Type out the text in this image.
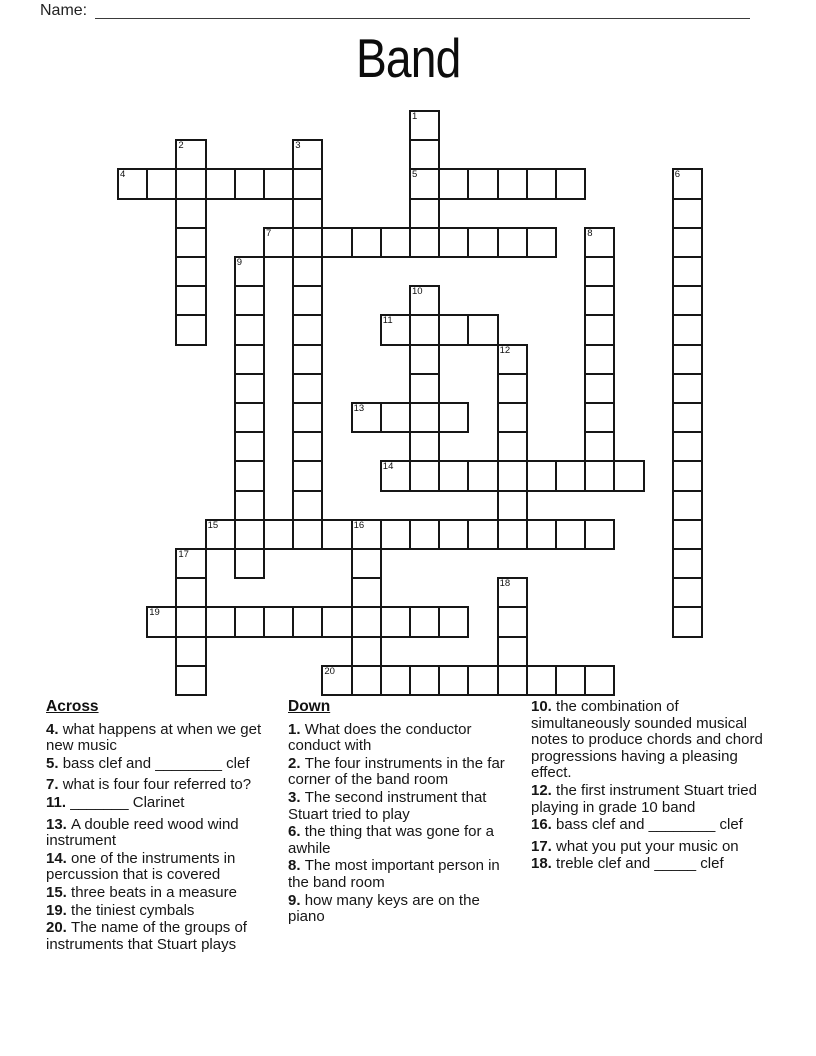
Name:
Band
1
5
2	3
4	6
7	8
9
10
11
12
13
14
15	16
17
18
19
20

Across

4. what happens at when we get new music

5. bass clef and ________ clef

7. what is four four referred to?

11. _______ Clarinet

13. A double reed wood wind instrument

14. one of the instruments in percussion that is covered

15. three beats in a measure

19. the tiniest cymbals

20. The name of the groups of instruments that Stuart plays

Down

1. What does the conductor conduct with

2. The four instruments in the far corner of the band room

3. The second instrument that Stuart tried to play

6. the thing that was gone for a awhile

8. The most important person in the band room

9. how many keys are on the piano

10. the combination of simultaneously sounded musical notes to produce chords and chord progressions having a pleasing effect.

12. the first instrument Stuart tried playing in grade 10 band

16. bass clef and ________ clef

17. what you put your music on

18. treble clef and _____ clef
